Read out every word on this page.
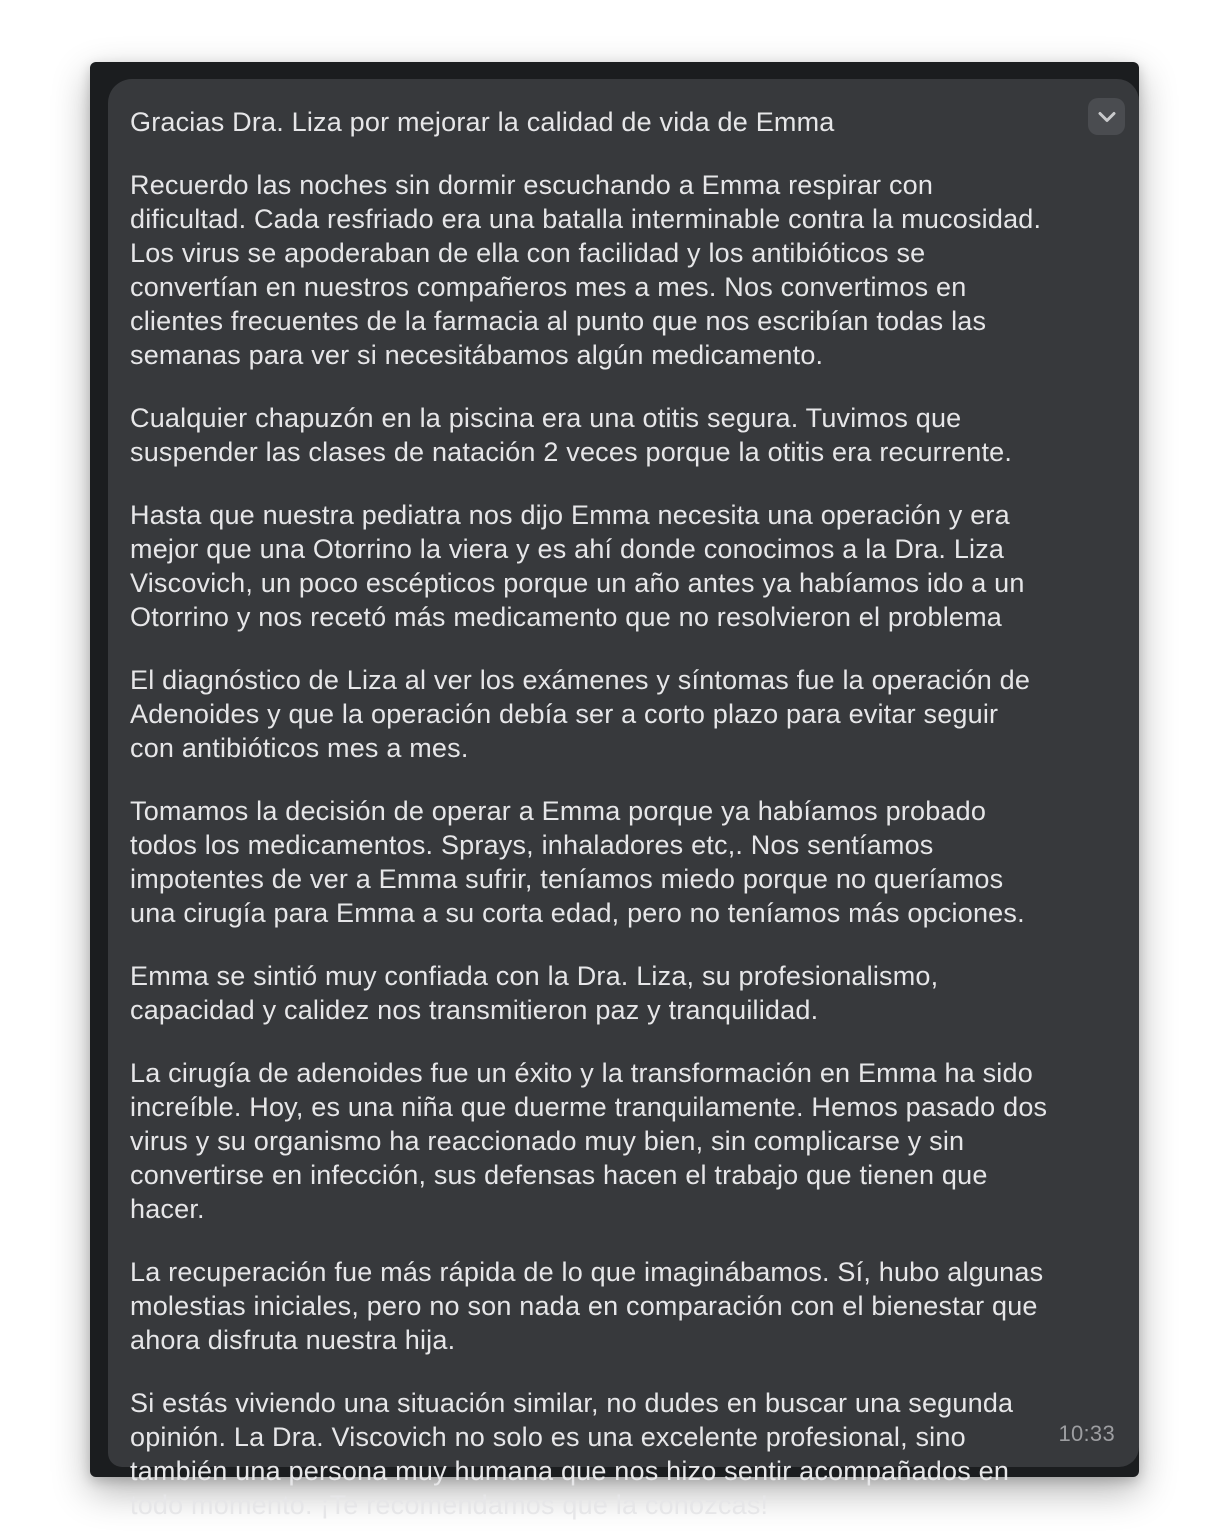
Gracias Dra. Liza por mejorar la calidad de vida de Emma

Recuerdo las noches sin dormir escuchando a Emma respirar con dificultad. Cada resfriado era una batalla interminable contra la mucosidad. Los virus se apoderaban de ella con facilidad y los antibióticos se convertían en nuestros compañeros mes a mes. Nos convertimos en clientes frecuentes de la farmacia al punto que nos escribían todas las semanas para ver si necesitábamos algún medicamento.

Cualquier chapuzón en la piscina era una otitis segura. Tuvimos que suspender las clases de natación 2 veces porque la otitis era recurrente.

Hasta que nuestra pediatra nos dijo Emma necesita una operación y era mejor que una Otorrino la viera y es ahí donde conocimos a la Dra. Liza Viscovich, un poco escépticos porque un año antes ya habíamos ido a un Otorrino y nos recetó más medicamento que no resolvieron el problema

El diagnóstico de Liza al ver los exámenes y síntomas fue la operación de Adenoides y que la operación debía ser a corto plazo para evitar seguir con antibióticos mes a mes.

Tomamos la decisión de operar a Emma porque ya habíamos probado todos los medicamentos. Sprays, inhaladores etc,. Nos sentíamos impotentes de ver a Emma sufrir, teníamos miedo porque no queríamos una cirugía para Emma a su corta edad, pero no teníamos más opciones.

Emma se sintió muy confiada con la Dra. Liza, su profesionalismo, capacidad y calidez nos transmitieron paz y tranquilidad.

La cirugía de adenoides fue un éxito y la transformación en Emma ha sido increíble. Hoy, es una niña que duerme tranquilamente. Hemos pasado dos virus y su organismo ha reaccionado muy bien, sin complicarse y sin convertirse en infección, sus defensas hacen el trabajo que tienen que hacer.

La recuperación fue más rápida de lo que imaginábamos. Sí, hubo algunas molestias iniciales, pero no son nada en comparación con el bienestar que ahora disfruta nuestra hija.

Si estás viviendo una situación similar, no dudes en buscar una segunda opinión. La Dra. Viscovich no solo es una excelente profesional, sino también una persona muy humana que nos hizo sentir acompañados en todo momento. ¡Te recomendamos que la conozcas!

10:33
